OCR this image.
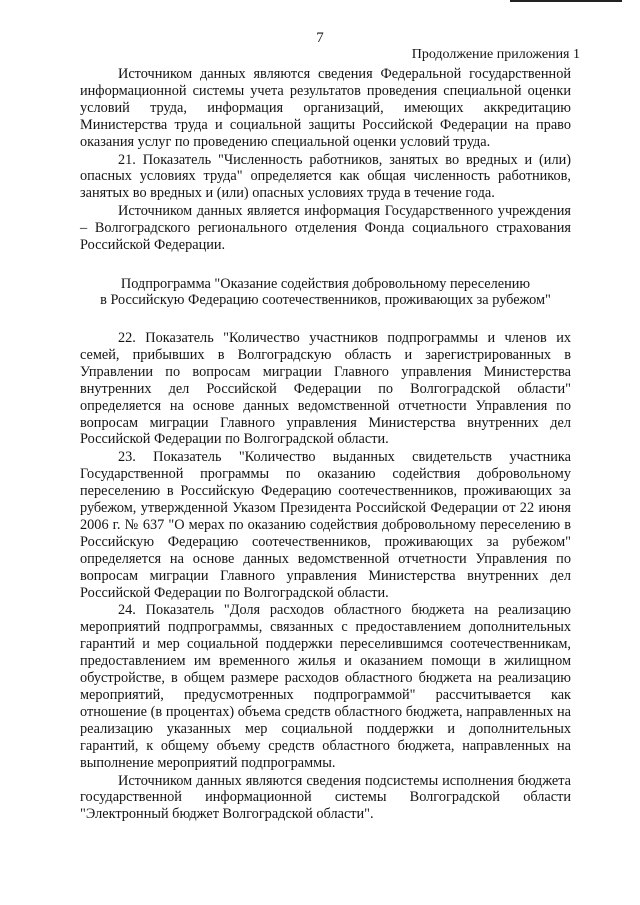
7
Продолжение приложения 1

Источником данных являются сведения Федеральной государственной информационной системы учета результатов проведения специальной оценки условий труда, информация организаций, имеющих аккредитацию Министерства труда и социальной защиты Российской Федерации на право оказания услуг по проведению специальной оценки условий труда.

21. Показатель "Численность работников, занятых во вредных и (или) опасных условиях труда" определяется как общая численность работников, занятых во вредных и (или) опасных условиях труда в течение года.

Источником данных является информация Государственного учреждения – Волгоградского регионального отделения Фонда социального страхования Российской Федерации.

Подпрограмма "Оказание содействия добровольному переселению
в Российскую Федерацию соотечественников, проживающих за рубежом"

22. Показатель "Количество участников подпрограммы и членов их семей, прибывших в Волгоградскую область и зарегистрированных в Управлении по вопросам миграции Главного управления Министерства внутренних дел Российской Федерации по Волгоградской области" определяется на основе данных ведомственной отчетности Управления по вопросам миграции Главного управления Министерства внутренних дел Российской Федерации по Волгоградской области.

23. Показатель "Количество выданных свидетельств участника Государственной программы по оказанию содействия добровольному переселению в Российскую Федерацию соотечественников, проживающих за рубежом, утвержденной Указом Президента Российской Федерации от 22 июня 2006 г. № 637 "О мерах по оказанию содействия добровольному переселению в Российскую Федерацию соотечественников, проживающих за рубежом" определяется на основе данных ведомственной отчетности Управления по вопросам миграции Главного управления Министерства внутренних дел Российской Федерации по Волгоградской области.

24. Показатель "Доля расходов областного бюджета на реализацию мероприятий подпрограммы, связанных с предоставлением дополнительных гарантий и мер социальной поддержки переселившимся соотечественникам, предоставлением им временного жилья и оказанием помощи в жилищном обустройстве, в общем размере расходов областного бюджета на реализацию мероприятий, предусмотренных подпрограммой" рассчитывается как отношение (в процентах) объема средств областного бюджета, направленных на реализацию указанных мер социальной поддержки и дополнительных гарантий, к общему объему средств областного бюджета, направленных на выполнение мероприятий подпрограммы.

Источником данных являются сведения подсистемы исполнения бюджета государственной информационной системы Волгоградской области "Электронный бюджет Волгоградской области".
